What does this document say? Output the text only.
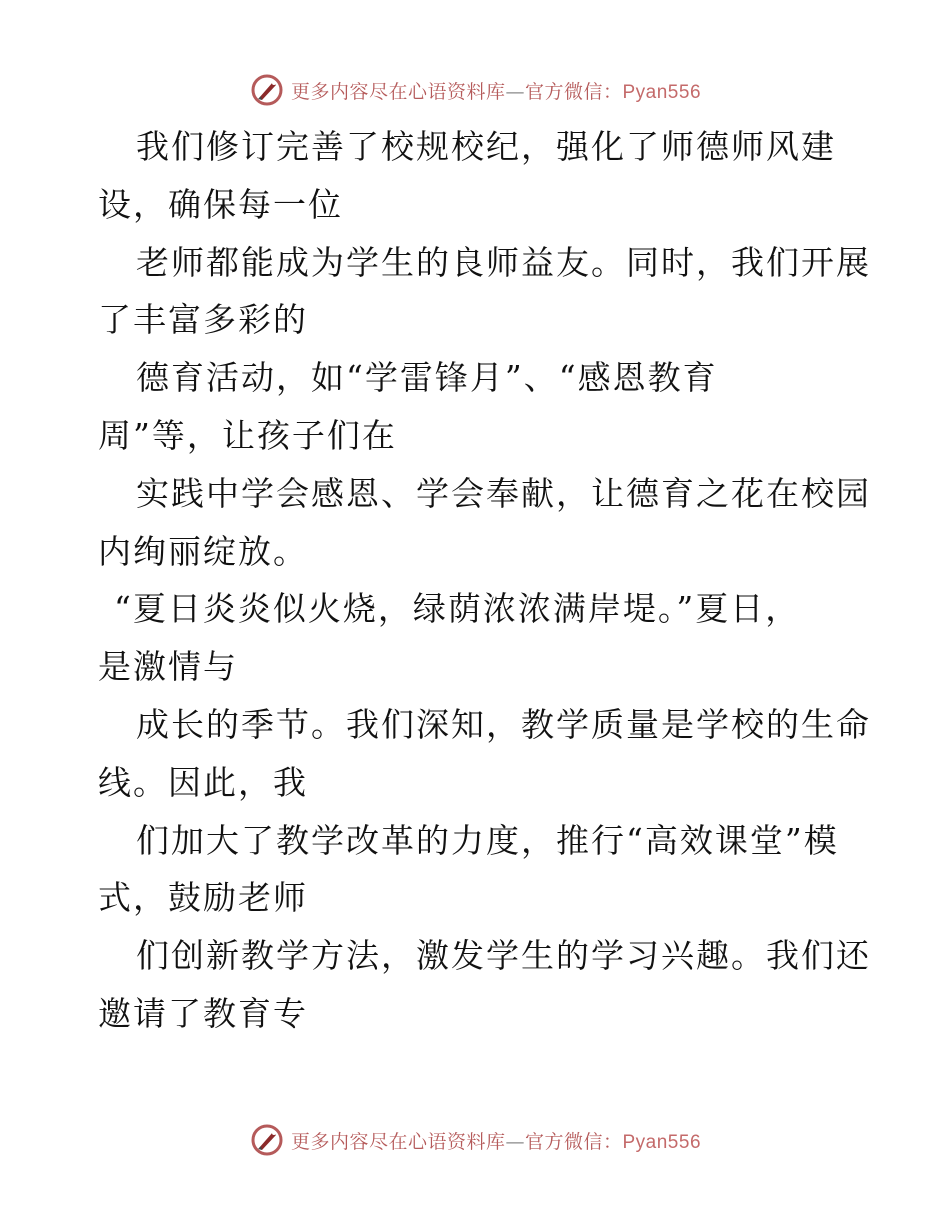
更多内容尽在心语资料库—官方微信：Pyan556
我们修订完善了校规校纪，强化了师德师风建
设，确保每一位
老师都能成为学生的良师益友。同时，我们开展
了丰富多彩的
德育活动，如“学雷锋月”、“感恩教育
周”等，让孩子们在
实践中学会感恩、学会奉献，让德育之花在校园
内绚丽绽放。
“夏日炎炎似火烧，绿荫浓浓满岸堤。”夏日，
是激情与
成长的季节。我们深知，教学质量是学校的生命
线。因此，我
们加大了教学改革的力度，推行“高效课堂”模
式，鼓励老师
们创新教学方法，激发学生的学习兴趣。我们还
邀请了教育专
更多内容尽在心语资料库—官方微信：Pyan556
